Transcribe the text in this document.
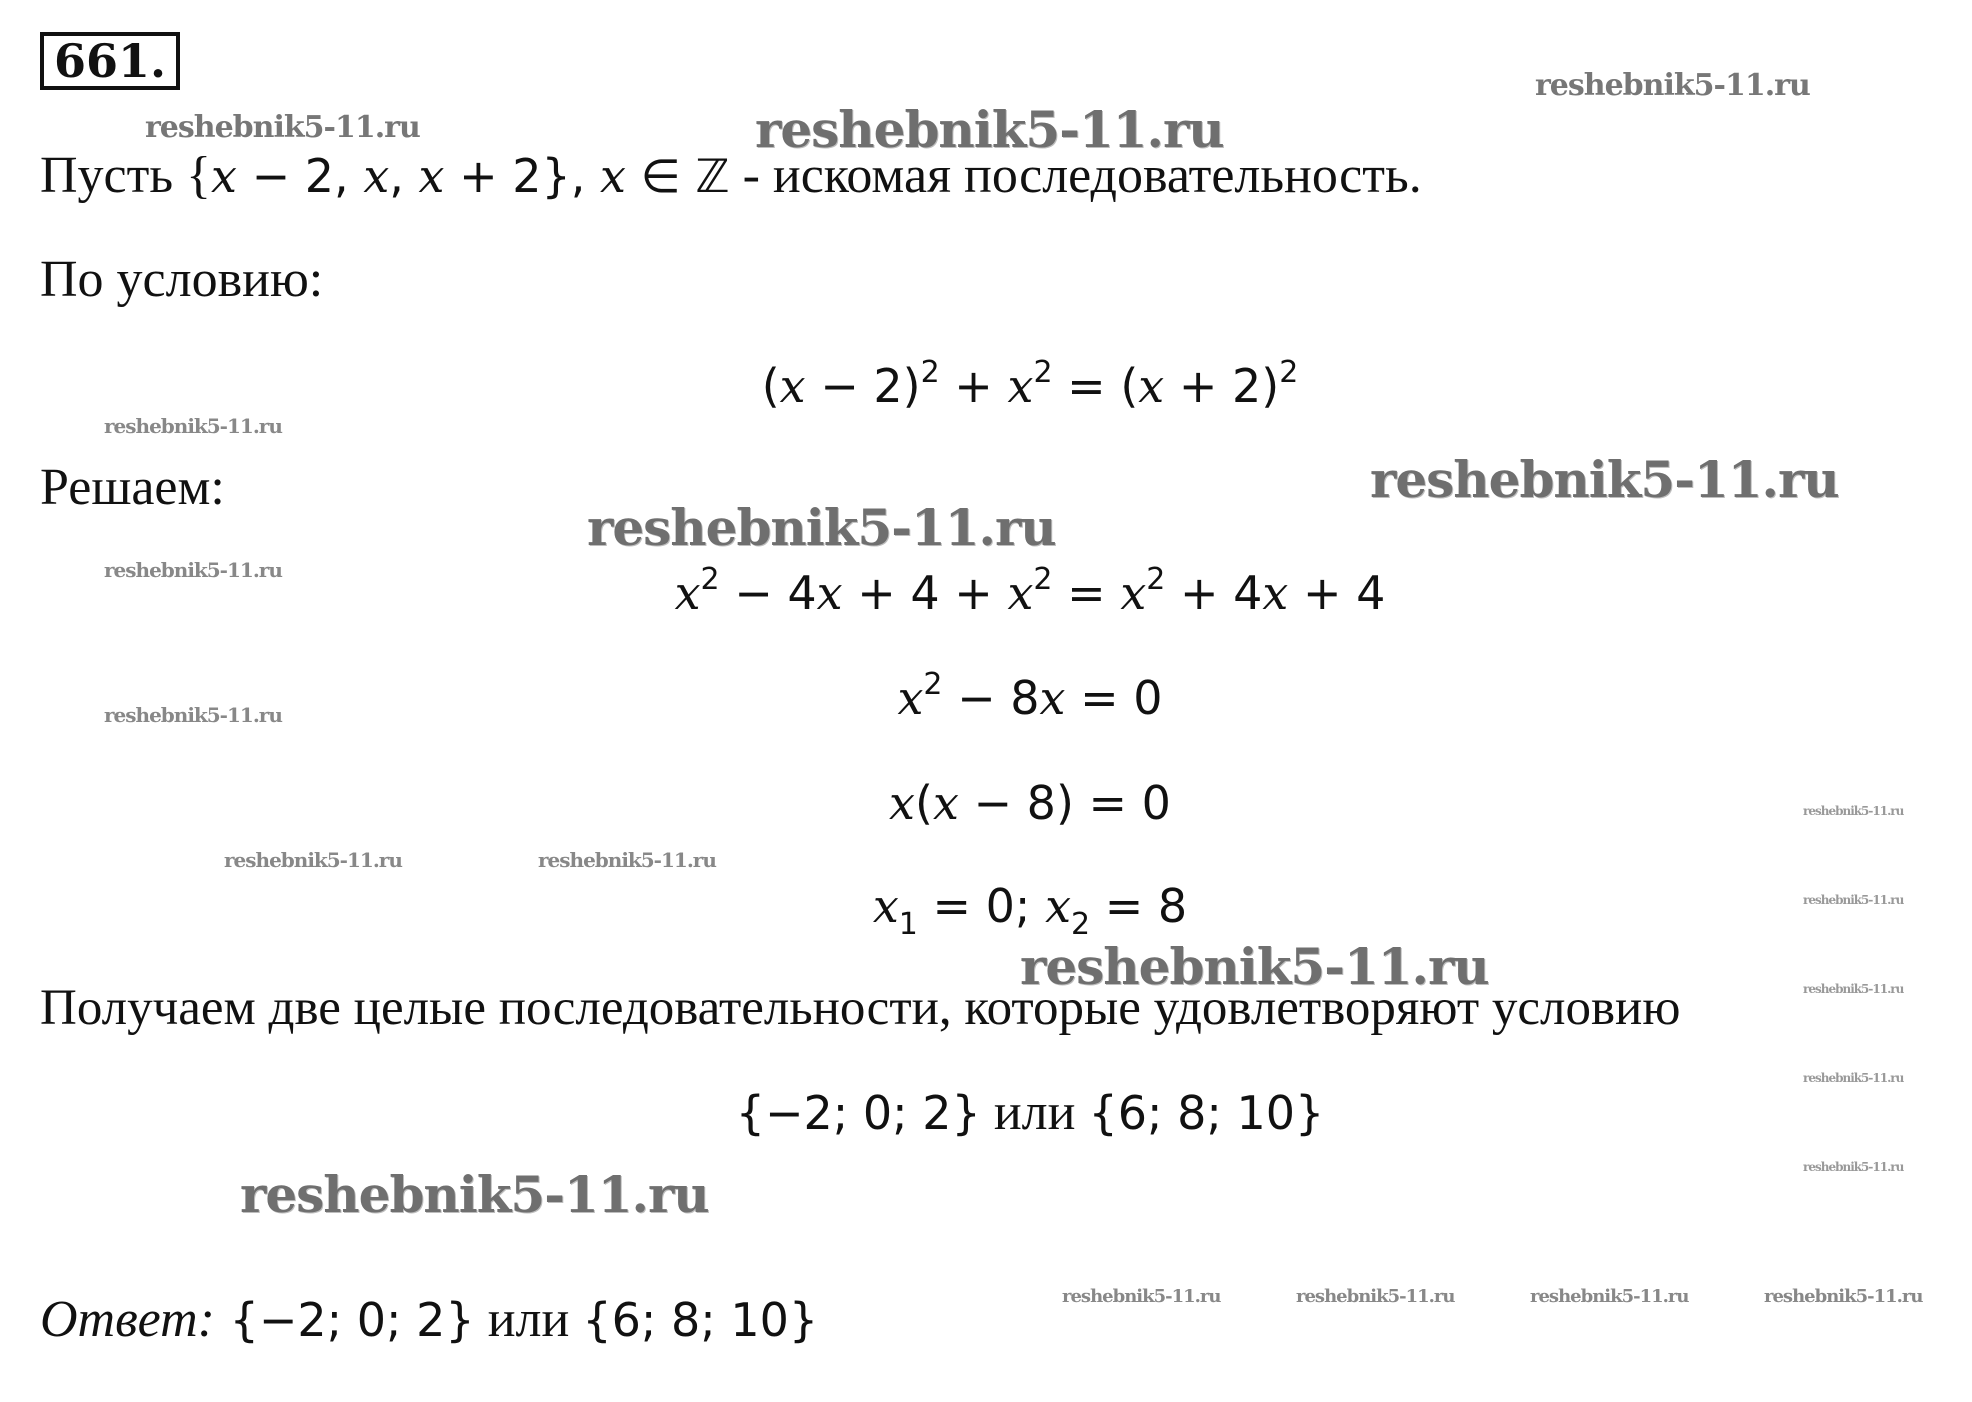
661.
Пусть {x − 2, x, x + 2}, x ∈ ℤ - искомая последовательность.
По условию:
$(x - 2)^2 + x^2 = (x + 2)^2$
Решаем:
$x^2 - 4x + 4 + x^2 = x^2 + 4x + 4$
$x^2 - 8x = 0$
x(x − 8) = 0
$x_1 = 0$; $x_2 = 8$
Получаем две целые последовательности, которые удовлетворяют условию
{−2; 0; 2} или {6; 8; 10}
Ответ: {−2; 0; 2} или {6; 8; 10}
reshebnik5-11.ru
reshebnik5-11.ru	reshebnik5-11.ru
reshebnik5-11.ru
reshebnik5-11.ru
reshebnik5-11.ru
reshebnik5-11.ru
reshebnik5-11.ru
reshebnik5-11.ru
reshebnik5-11.ru	reshebnik5-11.ru
reshebnik5-11.ru
reshebnik5-11.ru	reshebnik5-11.ru
reshebnik5-11.ru
reshebnik5-11.ru
reshebnik5-11.ru
reshebnik5-11.ru	reshebnik5-11.ru	reshebnik5-11.ru	reshebnik5-11.ru
